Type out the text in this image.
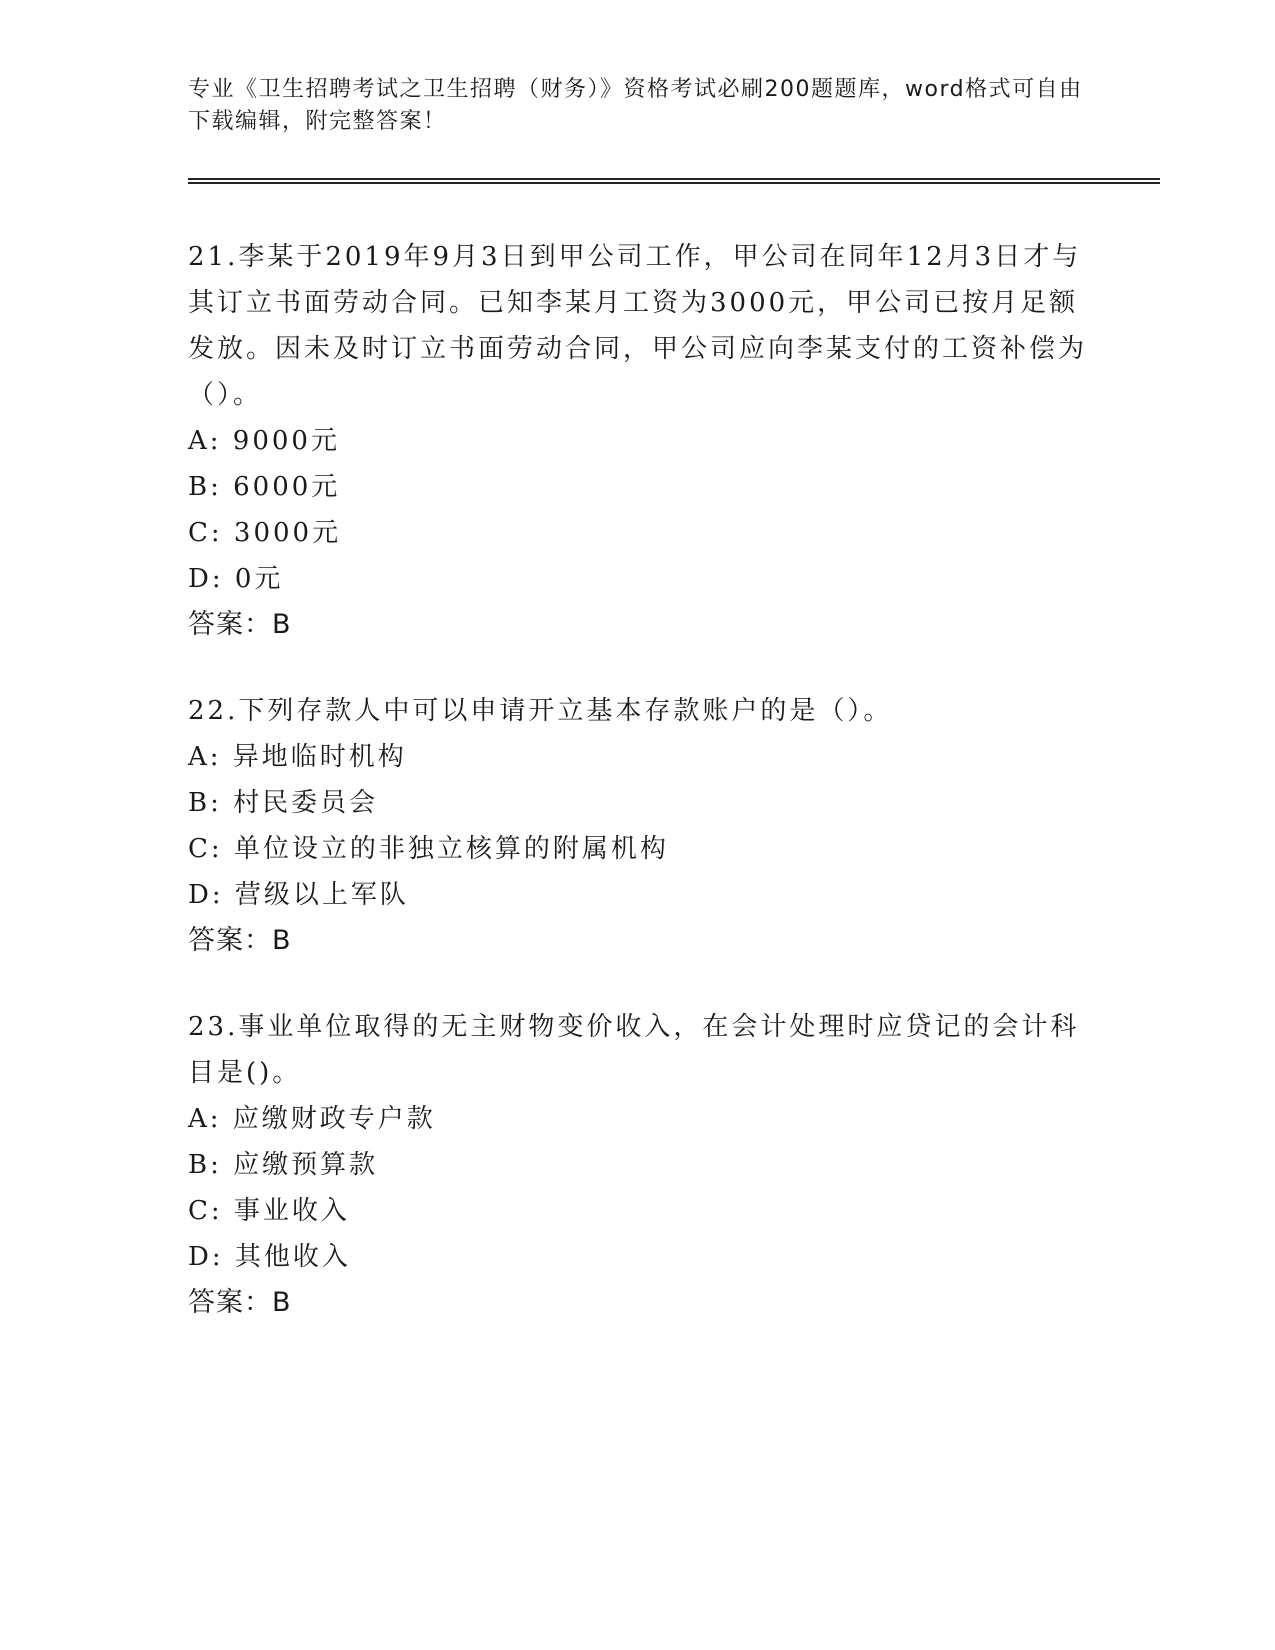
专业《卫生招聘考试之卫生招聘（财务）》资格考试必刷200题题库，word格式可自由下载编辑，附完整答案！

21.李某于2019年9月3日到甲公司工作，甲公司在同年12月3日才与其订立书面劳动合同。已知李某月工资为3000元，甲公司已按月足额发放。因未及时订立书面劳动合同，甲公司应向李某支付的工资补偿为（）。

A: 9000元

B: 6000元

C: 3000元

D: 0元

答案：B

22.下列存款人中可以申请开立基本存款账户的是（）。

A: 异地临时机构

B: 村民委员会

C: 单位设立的非独立核算的附属机构

D: 营级以上军队

答案：B

23.事业单位取得的无主财物变价收入，在会计处理时应贷记的会计科目是()。

A: 应缴财政专户款

B: 应缴预算款

C: 事业收入

D: 其他收入

答案：B
